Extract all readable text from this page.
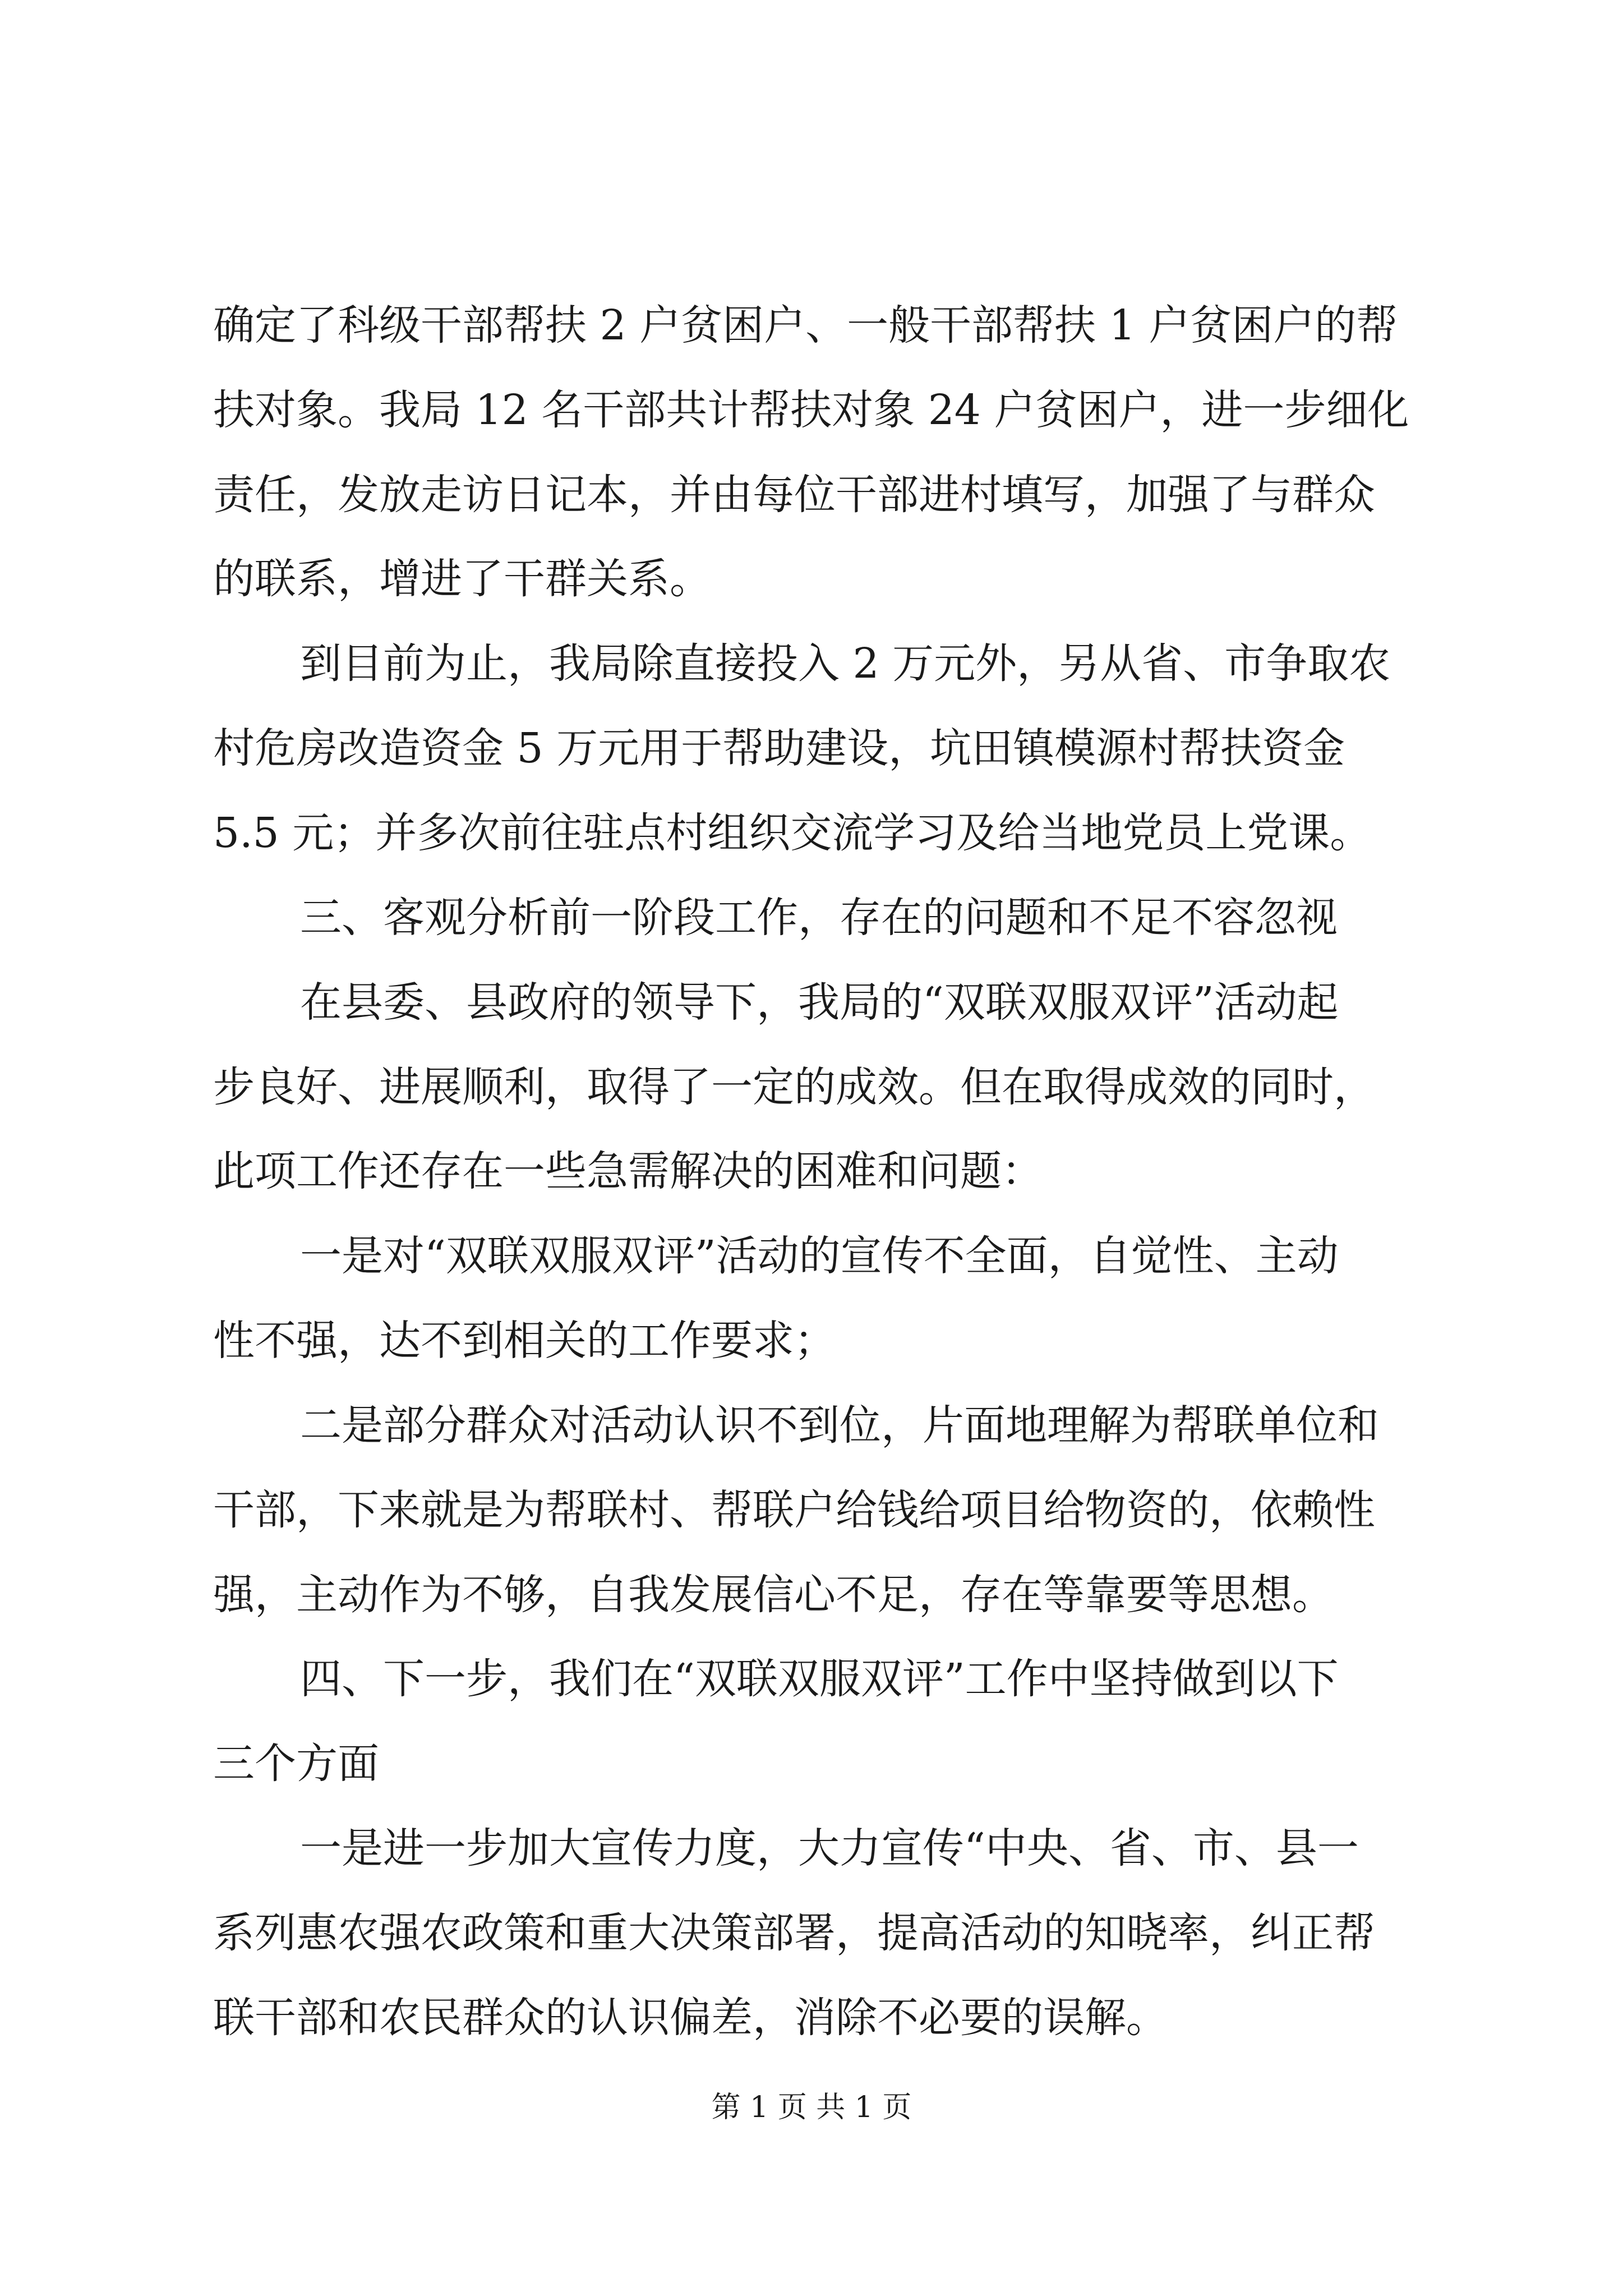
确定了科级干部帮扶 2 户贫困户、一般干部帮扶 1 户贫困户的帮

扶对象。我局 12 名干部共计帮扶对象 24 户贫困户，进一步细化

责任，发放走访日记本，并由每位干部进村填写，加强了与群众

的联系，增进了干群关系。

到目前为止，我局除直接投入 2 万元外，另从省、市争取农

村危房改造资金 5 万元用于帮助建设，坑田镇模源村帮扶资金

5.5 元；并多次前往驻点村组织交流学习及给当地党员上党课。

三、客观分析前一阶段工作，存在的问题和不足不容忽视

在县委、县政府的领导下，我局的“双联双服双评”活动起

步良好、进展顺利，取得了一定的成效。但在取得成效的同时，

此项工作还存在一些急需解决的困难和问题：

一是对“双联双服双评”活动的宣传不全面，自觉性、主动

性不强，达不到相关的工作要求；

二是部分群众对活动认识不到位，片面地理解为帮联单位和

干部，下来就是为帮联村、帮联户给钱给项目给物资的，依赖性

强，主动作为不够，自我发展信心不足，存在等靠要等思想。

四、下一步，我们在“双联双服双评”工作中坚持做到以下

三个方面

一是进一步加大宣传力度，大力宣传“中央、省、市、县一

系列惠农强农政策和重大决策部署，提高活动的知晓率，纠正帮

联干部和农民群众的认识偏差，消除不必要的误解。

第 1 页 共 1 页
